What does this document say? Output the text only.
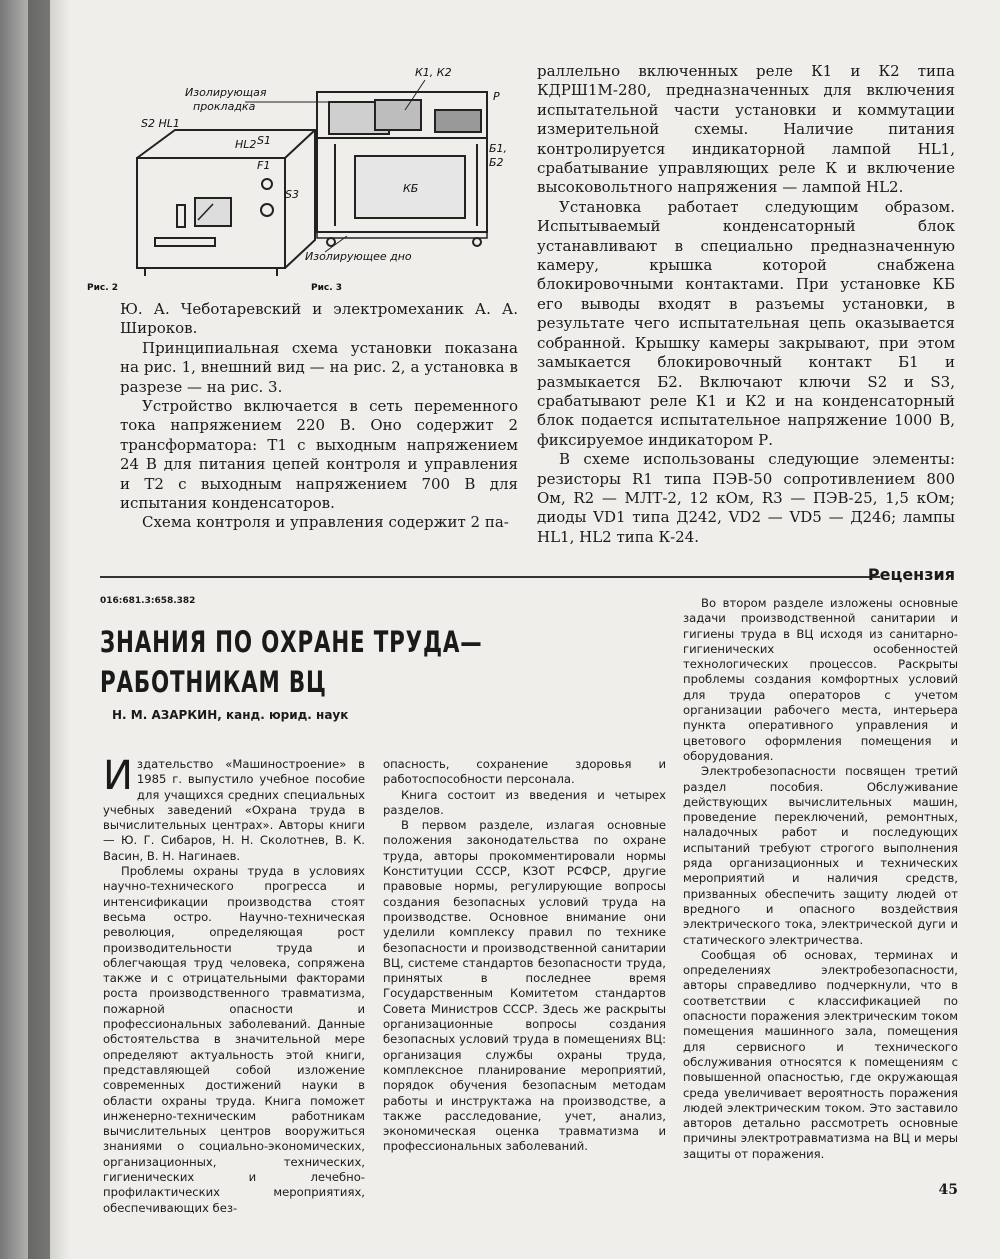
S2 HL1
HL2 S1
F1
S3
Рис. 2
Изолирующая
прокладка
К1, К2
Р
Б1,
Б2
КБ
Изолирующее дно
Рис. 3

Ю. А. Чеботаревский и электромеханик А. А. Широков.

Принципиальная схема установки показана на рис. 1, внешний вид — на рис. 2, а установка в разрезе — на рис. 3.

Устройство включается в сеть переменного тока напряжением 220 В. Оно содержит 2 трансформатора: Т1 с выходным напряжением 24 В для питания цепей контроля и управления и Т2 с выходным напряжением 700 В для испытания конденсаторов.

Схема контроля и управления содержит 2 па-

раллельно включенных реле К1 и К2 типа КДРШ1М-280, предназначенных для включения испытательной части установки и коммутации измерительной схемы. Наличие питания контролируется индикаторной лампой HL1, срабатывание управляющих реле К и включение высоковольтного напряжения — лампой HL2.

Установка работает следующим образом. Испытываемый конденсаторный блок устанавливают в специально предназначенную камеру, крышка которой снабжена блокировочными контактами. При установке КБ его выводы входят в разъемы установки, в результате чего испытательная цепь оказывается собранной. Крышку камеры закрывают, при этом замыкается блокировочный контакт Б1 и размыкается Б2. Включают ключи S2 и S3, срабатывают реле К1 и К2 и на конденсаторный блок подается испытательное напряжение 1000 В, фиксируемое индикатором Р.

В схеме использованы следующие элементы: резисторы R1 типа ПЭВ-50 сопротивлением 800 Ом, R2 — МЛТ-2, 12 кОм, R3 — ПЭВ-25, 1,5 кОм; диоды VD1 типа Д242, VD2 — VD5 — Д246; лампы HL1, HL2 типа К-24.

Рецензия
016:681.3:658.382
ЗНАНИЯ ПО ОХРАНЕ ТРУДА—
РАБОТНИКАМ ВЦ
Н. М. АЗАРКИН, канд. юрид. наук

Издательство «Машиностроение» в 1985 г. выпустило учебное пособие для учащихся средних специальных учебных заведений «Охрана труда в вычислительных центрах». Авторы книги — Ю. Г. Сибаров, Н. Н. Сколотнев, В. К. Васин, В. Н. Нагинаев.

Проблемы охраны труда в условиях научно-технического прогресса и интенсификации производства стоят весьма остро. Научно-техническая революция, определяющая рост производительности труда и облегчающая труд человека, сопряжена также и с отрицательными факторами роста производственного травматизма, пожарной опасности и профессиональных заболеваний. Данные обстоятельства в значительной мере определяют актуальность этой книги, представляющей собой изложение современных достижений науки в области охраны труда. Книга поможет инженерно-техническим работникам вычислительных центров вооружиться знаниями о социально-экономических, организационных, технических, гигиенических и лечебно-профилактических мероприятиях, обеспечивающих без-

опасность, сохранение здоровья и работоспособности персонала.

Книга состоит из введения и четырех разделов.

В первом разделе, излагая основные положения законодательства по охране труда, авторы прокомментировали нормы Конституции СССР, КЗОТ РСФСР, другие правовые нормы, регулирующие вопросы создания безопасных условий труда на производстве. Основное внимание они уделили комплексу правил по технике безопасности и производственной санитарии ВЦ, системе стандартов безопасности труда, принятых в последнее время Государственным Комитетом стандартов Совета Министров СССР. Здесь же раскрыты организационные вопросы создания безопасных условий труда в помещениях ВЦ: организация службы охраны труда, комплексное планирование мероприятий, порядок обучения безопасным методам работы и инструктажа на производстве, а также расследование, учет, анализ, экономическая оценка травматизма и профессиональных заболеваний.

Во втором разделе изложены основные задачи производственной санитарии и гигиены труда в ВЦ исходя из санитарно-гигиенических особенностей технологических процессов. Раскрыты проблемы создания комфортных условий для труда операторов с учетом организации рабочего места, интерьера пункта оперативного управления и цветового оформления помещения и оборудования.

Электробезопасности посвящен третий раздел пособия. Обслуживание действующих вычислительных машин, проведение переключений, ремонтных, наладочных работ и последующих испытаний требуют строгого выполнения ряда организационных и технических мероприятий и наличия средств, призванных обеспечить защиту людей от вредного и опасного воздействия электрического тока, электрической дуги и статического электричества.

Сообщая об основах, терминах и определениях электробезопасности, авторы справедливо подчеркнули, что в соответствии с классификацией по опасности поражения электрическим током помещения машинного зала, помещения для сервисного и технического обслуживания относятся к помещениям с повышенной опасностью, где окружающая среда увеличивает вероятность поражения людей электрическим током. Это заставило авторов детально рассмотреть основные причины электротравматизма на ВЦ и меры защиты от поражения.

45
